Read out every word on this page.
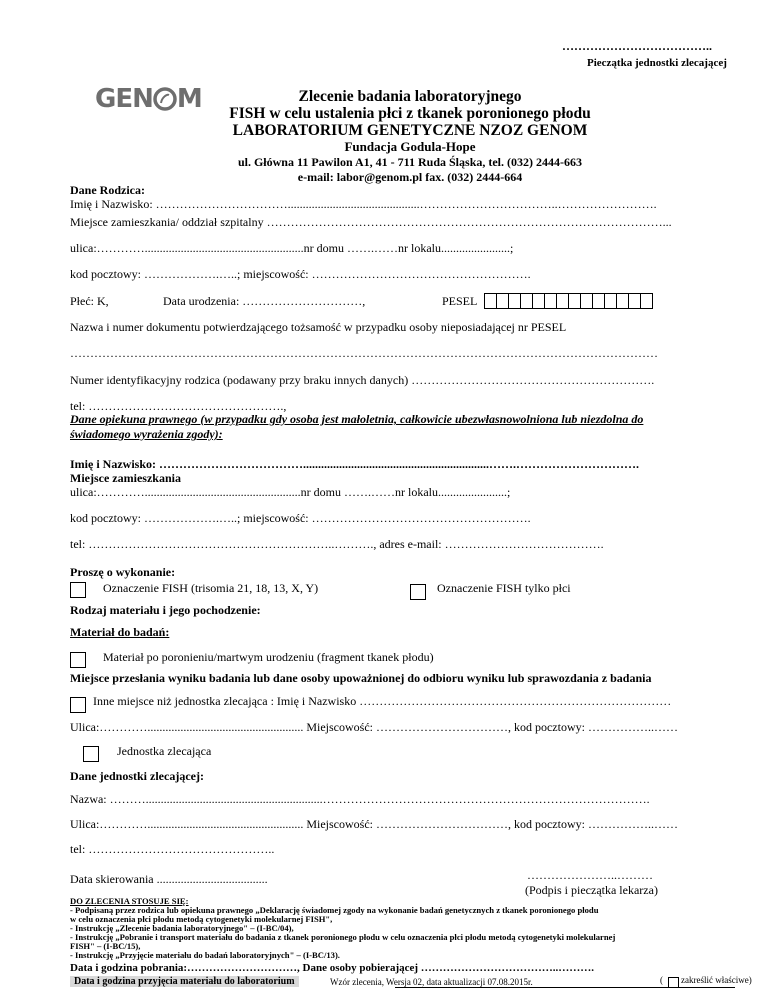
………………………………..
Pieczątka jednostki zlecającej
GEN M	Zlecenie badania laboratoryjnego
FISH w celu ustalenia płci z tkanek poronionego płodu
LABORATORIUM GENETYCZNE NZOZ GENOM
Fundacja Godula-Hope
ul. Główna 11 Pawilon A1, 41 - 711 Ruda Śląska, tel. (032) 2444-663
e-mail: labor@genom.pl fax. (032) 2444-664
Dane Rodzica:
Imię i Nazwisko: ……………………………............................................……………………………..…………………….
Miejsce zamieszkania/ oddział szpitalny ………………………………………………………………………………………...
ulica:………….....................................................nr domu …….……nr lokalu.......................;
kod pocztowy: ……………….…..; miejscowość: ……………………………………………….
Płeć: K,	Data urodzenia: …………………………,	PESEL
Nazwa i numer dokumentu potwierdzającego tożsamość w przypadku osoby nieposiadającej nr PESEL
…………………………………………………………………………………………………………………………………
Numer identyfikacyjny rodzica (podawany przy braku innych danych) …………………………………………………….
tel: ………………………………………….,
Dane opiekuna prawnego (w przypadku gdy osoba jest małoletnia, całkowicie ubezwłasnowolniona lub niezdolna do
świadomego wyrażenia zgody):
Imię i Nazwisko: ………………………………..............................................................…….………………………….
Miejsce zamieszkania
ulica:…………....................................................nr domu …….……nr lokalu.......................;
kod pocztowy: ……………….…..; miejscowość: ……………………………………………….
tel: ……………………………………………………..………., adres e-mail: ………………………………….
Proszę o wykonanie:
Oznaczenie FISH (trisomia 21, 18, 13, X, Y)	Oznaczenie FISH tylko płci
Rodzaj materiału i jego pochodzenie:
Materiał do badań:
Materiał po poronieniu/martwym urodzeniu (fragment tkanek płodu)
Miejsce przesłania wyniku badania lub dane osoby upoważnionej do odbioru wyniku lub sprawozdania z badania
Inne miejsce niż jednostka zlecająca : Imię i Nazwisko ……………………………………………………………………
Ulica:………….................................................... Miejscowość: ……………………………, kod pocztowy: ……………..……
Jednostka zlecająca
Dane jednostki zlecającej:
Nazwa: ………...........................................................……………………………………………………………………….
Ulica:………….................................................... Miejscowość: ……………………………, kod pocztowy: ……………..……
tel: ………………………………………..
Data skierowania .....................................	…………………..………
(Podpis i pieczątka lekarza)
DO ZLECENIA STOSUJE SIĘ:
- Podpisaną przez rodzica lub opiekuna prawnego „Deklarację świadomej zgody na wykonanie badań genetycznych z tkanek poronionego płodu
w celu oznaczenia płci płodu metodą cytogenetyki molekularnej FISH",
- Instrukcję „Zlecenie badania laboratoryjnego" – (I-BC/04),
- Instrukcję „Pobranie i transport materiału do badania z tkanek poronionego płodu w celu oznaczenia płci płodu metodą cytogenetyki molekularnej
FISH" – (I-BC/15),
- Instrukcję „Przyjęcie materiału do badań laboratoryjnych" – (I-BC/13).
Data i godzina pobrania:…………………………, Dane osoby pobierającej ………………………………..……….
Data i godzina przyjęcia materiału do laboratorium	Wzór zlecenia, Wersja 02, data aktualizacji 07.08.2015r.	( zakreślić właściwe)
